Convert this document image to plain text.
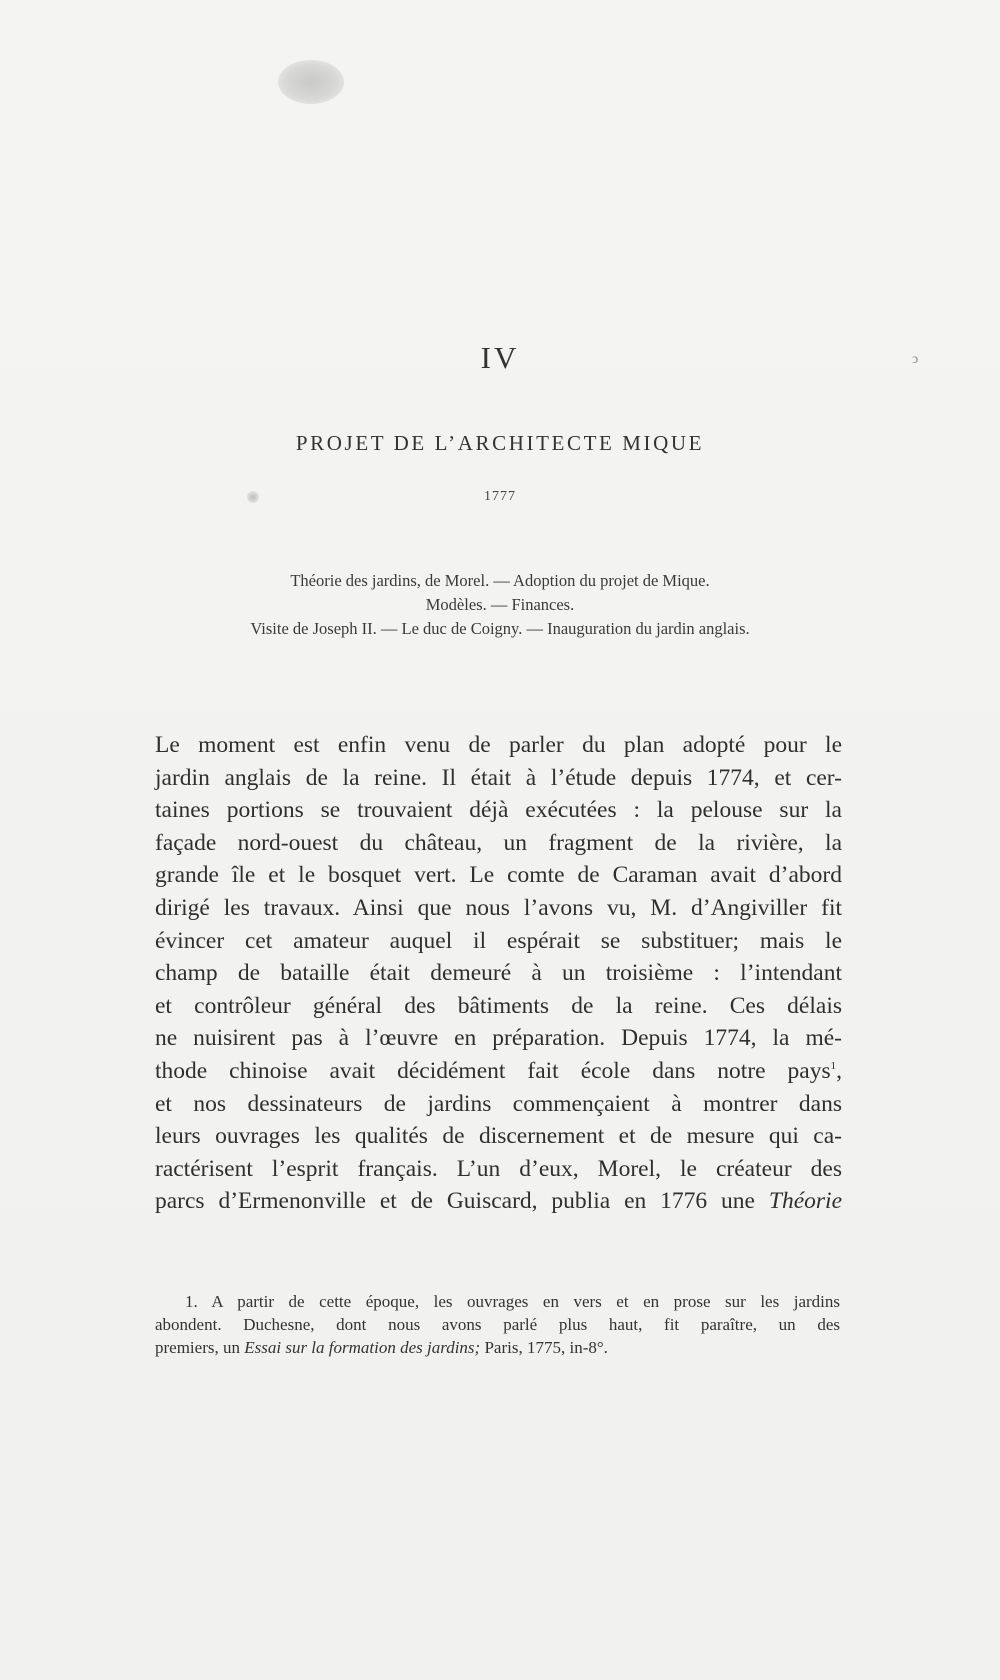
ↄ
IV
PROJET DE L’ARCHITECTE MIQUE
1777
Théorie des jardins, de Morel. — Adoption du projet de Mique.
Modèles. — Finances.
Visite de Joseph II. — Le duc de Coigny. — Inauguration du jardin anglais.
Le moment est enfin venu de parler du plan adopté pour le
jardin anglais de la reine. Il était à l’étude depuis 1774, et cer-
taines portions se trouvaient déjà exécutées : la pelouse sur la
façade nord-ouest du château, un fragment de la rivière, la
grande île et le bosquet vert. Le comte de Caraman avait d’abord
dirigé les travaux. Ainsi que nous l’avons vu, M. d’Angiviller fit
évincer cet amateur auquel il espérait se substituer; mais le
champ de bataille était demeuré à un troisième : l’intendant
et contrôleur général des bâtiments de la reine. Ces délais
ne nuisirent pas à l’œuvre en préparation. Depuis 1774, la mé-
thode chinoise avait décidément fait école dans notre pays$^1$,
et nos dessinateurs de jardins commençaient à montrer dans
leurs ouvrages les qualités de discernement et de mesure qui ca-
ractérisent l’esprit français. L’un d’eux, Morel, le créateur des
parcs d’Ermenonville et de Guiscard, publia en 1776 une Théorie
1. A partir de cette époque, les ouvrages en vers et en prose sur les jardins
abondent. Duchesne, dont nous avons parlé plus haut, fit paraître, un des
premiers, un Essai sur la formation des jardins; Paris, 1775, in-8°.
